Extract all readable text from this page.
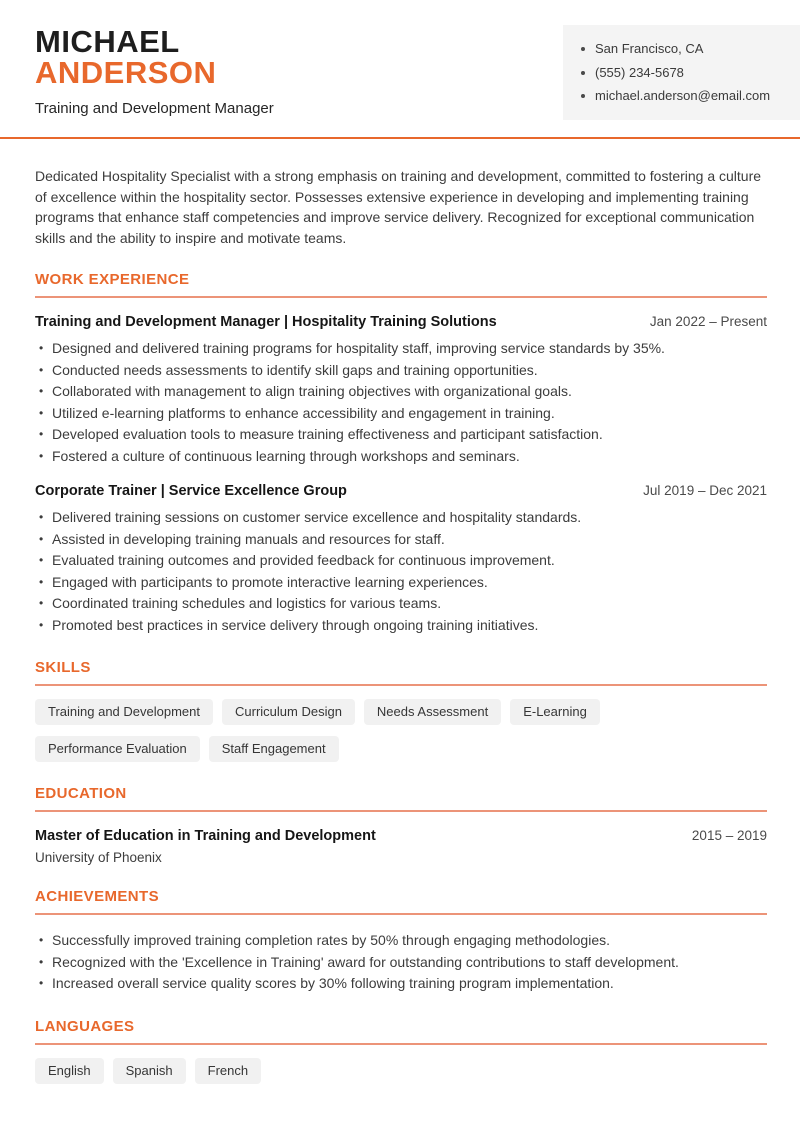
MICHAEL
ANDERSON
Training and Development Manager
San Francisco, CA
(555) 234-5678
michael.anderson@email.com

Dedicated Hospitality Specialist with a strong emphasis on training and development, committed to fostering a culture of excellence within the hospitality sector. Possesses extensive experience in developing and implementing training programs that enhance staff competencies and improve service delivery. Recognized for exceptional communication skills and the ability to inspire and motivate teams.

WORK EXPERIENCE
Training and Development Manager | Hospitality Training Solutions	Jan 2022 – Present
• Designed and delivered training programs for hospitality staff, improving service standards by 35%.
• Conducted needs assessments to identify skill gaps and training opportunities.
• Collaborated with management to align training objectives with organizational goals.
• Utilized e-learning platforms to enhance accessibility and engagement in training.
• Developed evaluation tools to measure training effectiveness and participant satisfaction.
• Fostered a culture of continuous learning through workshops and seminars.
Corporate Trainer | Service Excellence Group	Jul 2019 – Dec 2021
• Delivered training sessions on customer service excellence and hospitality standards.
• Assisted in developing training manuals and resources for staff.
• Evaluated training outcomes and provided feedback for continuous improvement.
• Engaged with participants to promote interactive learning experiences.
• Coordinated training schedules and logistics for various teams.
• Promoted best practices in service delivery through ongoing training initiatives.
SKILLS
Training and Development	Curriculum Design	Needs Assessment	E-Learning
Performance Evaluation	Staff Engagement
EDUCATION
Master of Education in Training and Development	2015 – 2019
University of Phoenix
ACHIEVEMENTS
• Successfully improved training completion rates by 50% through engaging methodologies.
• Recognized with the 'Excellence in Training' award for outstanding contributions to staff development.
• Increased overall service quality scores by 30% following training program implementation.
LANGUAGES
English	Spanish	French
